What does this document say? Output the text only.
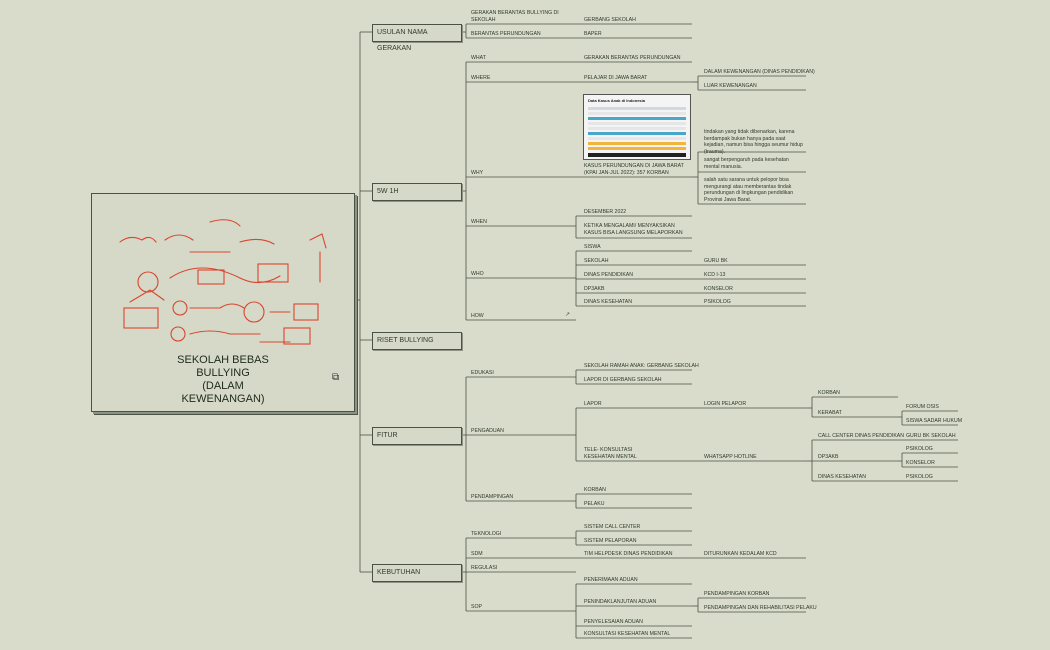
SEKOLAH BEBAS
BULLYING
(DALAM
KEWENANGAN)
⧉
USULAN NAMA GERAKAN
5W 1H
RISET BULLYING
FITUR
KEBUTUHAN
GERAKAN BERANTAS BULLYING DI SEKOLAH	GERBANG SEKOLAH
BERANTAS PERUNDUNGAN	BAPER
WHAT	GERAKAN BERANTAS PERUNDUNGAN
WHERE	PELAJAR DI JAWA BARAT
DALAM KEWENANGAN (DINAS PENDIDIKAN)
LUAR KEWENANGAN
Data Kasus Anak di Indonesia
KASUS PERUNDUNGAN DI JAWA BARAT (KPAI JAN-JUL 2022): 357 KORBAN
WHY
tindakan yang tidak dibenarkan, karena berdampak bukan hanya pada saat kejadian, namun bisa hingga seumur hidup (trauma).
sangat berpengaruh pada kesehatan mental manusia.
salah satu sarana untuk pelopor bisa mengurangi atau memberantas tindak perundungan di lingkungan pendidikan Provinsi Jawa Barat.
WHEN
DESEMBER 2022
KETIKA MENGALAMI/ MENYAKSIKAN KASUS BISA LANGSUNG MELAPORKAN
WHO
SISWA
SEKOLAH	GURU BK
DINAS PENDIDIKAN	KCD I-13
DP3AKB	KONSELOR
DINAS KESEHATAN	PSIKOLOG
HOW	↗
EDUKASI
SEKOLAH RAMAH ANAK: GERBANG SEKOLAH
LAPOR DI GERBANG SEKOLAH
PENGADUAN
LAPOR	LOGIN PELAPOR
KORBAN
KERABAT
FORUM OSIS
SISWA SADAR HUKUM
TELE- KONSULTASI KESEHATAN MENTAL	WHATSAPP HOTLINE
CALL CENTER DINAS PENDIDIKAN GURU BK SEKOLAH
DP3AKB
PSIKOLOG
KONSELOR
DINAS KESEHATAN	PSIKOLOG
PENDAMPINGAN
KORBAN
PELAKU
TEKNOLOGI
SISTEM CALL CENTER
SISTEM PELAPORAN
SDM	TIM HELPDESK DINAS PENDIDIKAN	DITURUNKAN KEDALAM KCD
REGULASI
SOP
PENERIMAAN ADUAN
PENINDAKLANJUTAN ADUAN
PENDAMPINGAN KORBAN
PENDAMPINGAN DAN REHABILITASI PELAKU
PENYELESAIAN ADUAN
KONSULTASI KESEHATAN MENTAL
